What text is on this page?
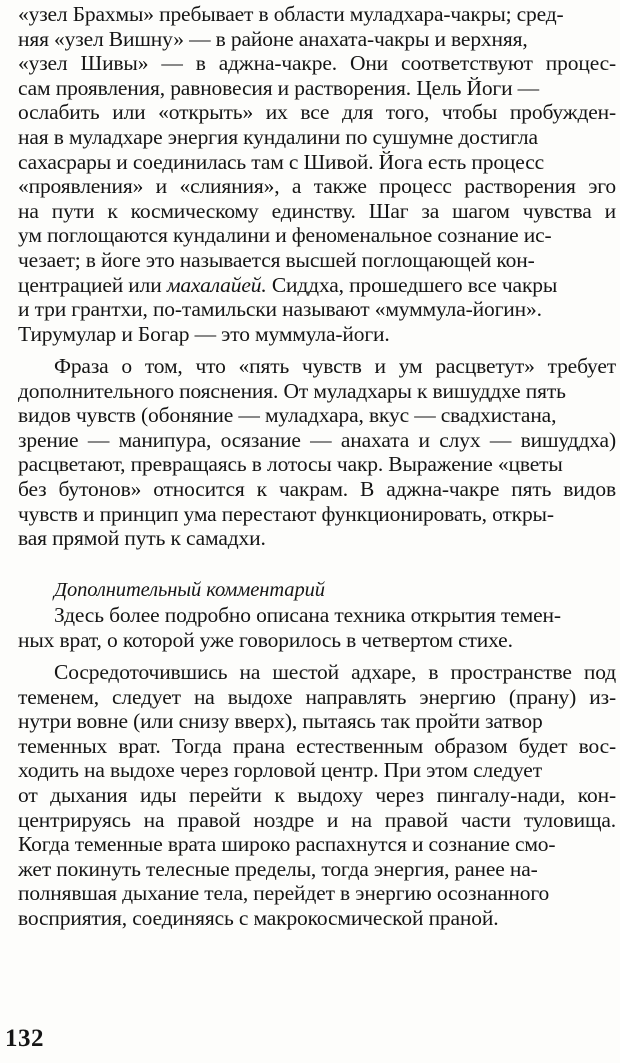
«узел Брахмы» пребывает в области муладхара-чакры; сред-
няя «узел Вишну» — в районе анахата-чакры и верхняя,
«узел Шивы» — в аджна-чакре. Они соответствуют процес-
сам проявления, равновесия и растворения. Цель Йоги —
ослабить или «открыть» их все для того, чтобы пробужден-
ная в муладхаре энергия кундалини по сушумне достигла
сахасрары и соединилась там с Шивой. Йога есть процесс
«проявления» и «слияния», а также процесс растворения эго
на пути к космическому единству. Шаг за шагом чувства и
ум поглощаются кундалини и феноменальное сознание ис-
чезает; в йоге это называется высшей поглощающей кон-
центрацией или махалайей. Сиддха, прошедшего все чакры
и три грантхи, по-тамильски называют «муммула-йогин».
Тирумулар и Богар — это муммула-йоги.
Фраза о том, что «пять чувств и ум расцветут» требует
дополнительного пояснения. От муладхары к вишуддхе пять
видов чувств (обоняние — муладхара, вкус — свадхистана,
зрение — манипура, осязание — анахата и слух — вишуддха)
расцветают, превращаясь в лотосы чакр. Выражение «цветы
без бутонов» относится к чакрам. В аджна-чакре пять видов
чувств и принцип ума перестают функционировать, откры-
вая прямой путь к самадхи.
Дополнительный комментарий
Здесь более подробно описана техника открытия темен-
ных врат, о которой уже говорилось в четвертом стихе.
Сосредоточившись на шестой адхаре, в пространстве под
теменем, следует на выдохе направлять энергию (прану) из-
нутри вовне (или снизу вверх), пытаясь так пройти затвор
теменных врат. Тогда прана естественным образом будет вос-
ходить на выдохе через горловой центр. При этом следует
от дыхания иды перейти к выдоху через пингалу-нади, кон-
центрируясь на правой ноздре и на правой части туловища.
Когда теменные врата широко распахнутся и сознание смо-
жет покинуть телесные пределы, тогда энергия, ранее на-
полнявшая дыхание тела, перейдет в энергию осознанного
восприятия, соединяясь с макрокосмической праной.
132
